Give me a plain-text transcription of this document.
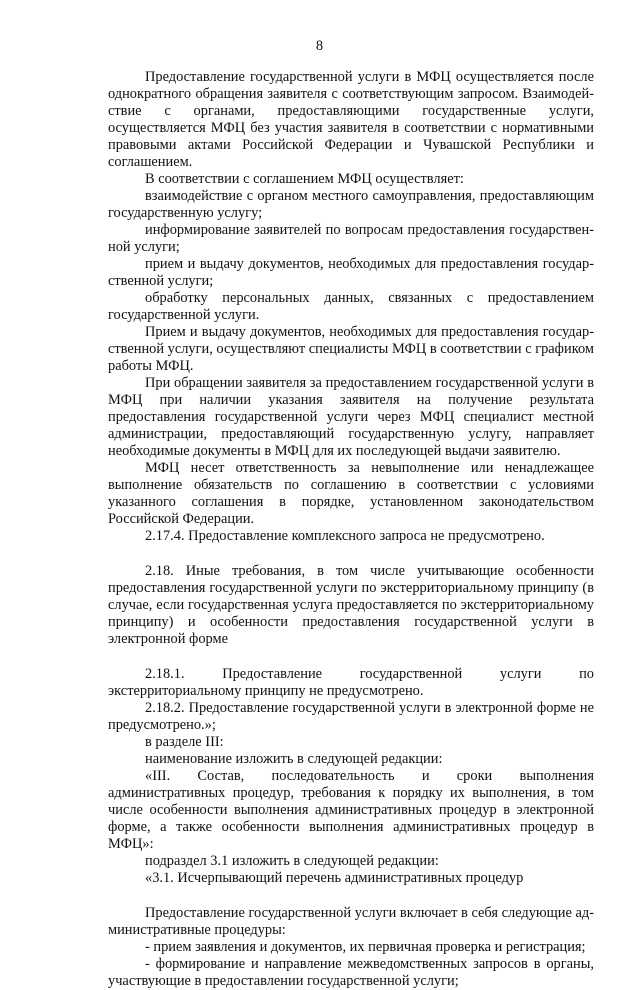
8

Предоставление государственной услуги в МФЦ осуществляется после однократного обращения заявителя с соответствующим запросом. Взаимодействие с органами, предоставляющими государственные услуги, осуществляется МФЦ без участия заявителя в соответствии с нормативными правовыми актами Российской Федерации и Чувашской Республики и соглашением.

В соответствии с соглашением МФЦ осуществляет:

взаимодействие с органом местного самоуправления, предоставляющим государственную услугу;

информирование заявителей по вопросам предоставления государственной услуги;

прием и выдачу документов, необходимых для предоставления государственной услуги;

обработку персональных данных, связанных с предоставлением государственной услуги.

Прием и выдачу документов, необходимых для предоставления государственной услуги, осуществляют специалисты МФЦ в соответствии с графиком работы МФЦ.

При обращении заявителя за предоставлением государственной услуги в МФЦ при наличии указания заявителя на получение результата предоставления государственной услуги через МФЦ специалист местной администрации, предоставляющий государственную услугу, направляет необходимые документы в МФЦ для их последующей выдачи заявителю.

МФЦ несет ответственность за невыполнение или ненадлежащее выполнение обязательств по соглашению в соответствии с условиями указанного соглашения в порядке, установленном законодательством Российской Федерации.

2.17.4. Предоставление комплексного запроса не предусмотрено.

2.18. Иные требования, в том числе учитывающие особенности предоставления государственной услуги по экстерриториальному принципу (в случае, если государственная услуга предоставляется по экстерриториальному принципу) и особенности предоставления государственной услуги в электронной форме

2.18.1. Предоставление государственной услуги по экстерриториальному принципу не предусмотрено.

2.18.2. Предоставление государственной услуги в электронной форме не предусмотрено.»;

в разделе III:

наименование изложить в следующей редакции:

«III. Состав, последовательность и сроки выполнения административных процедур, требования к порядку их выполнения, в том числе особенности выполнения административных процедур в электронной форме, а также особенности выполнения административных процедур в МФЦ»:

подраздел 3.1 изложить в следующей редакции:

«3.1. Исчерпывающий перечень административных процедур

Предоставление государственной услуги включает в себя следующие административные процедуры:

- прием заявления и документов, их первичная проверка и регистрация;

- формирование и направление межведомственных запросов в органы, участвующие в предоставлении государственной услуги;
